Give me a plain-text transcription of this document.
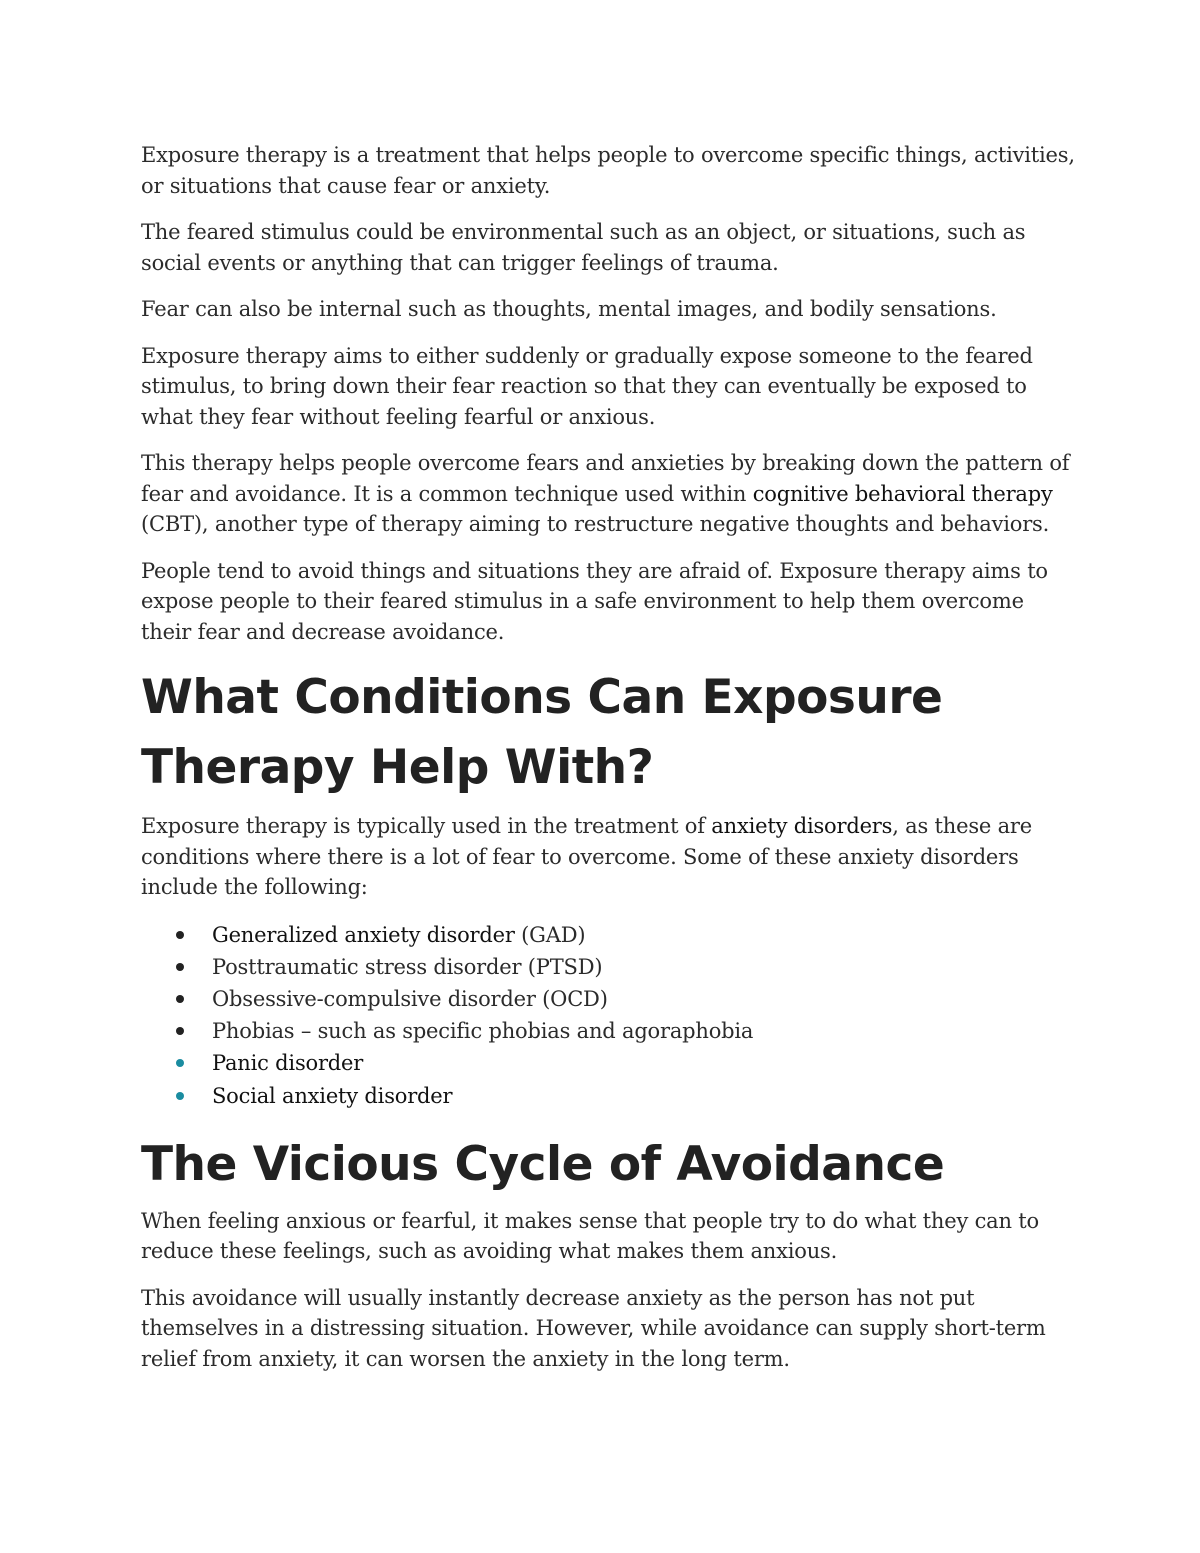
Exposure therapy is a treatment that helps people to overcome specific things, activities, or situations that cause fear or anxiety.

The feared stimulus could be environmental such as an object, or situations, such as social events or anything that can trigger feelings of trauma.

Fear can also be internal such as thoughts, mental images, and bodily sensations.

Exposure therapy aims to either suddenly or gradually expose someone to the feared stimulus, to bring down their fear reaction so that they can eventually be exposed to what they fear without feeling fearful or anxious.

This therapy helps people overcome fears and anxieties by breaking down the pattern of fear and avoidance. It is a common technique used within cognitive behavioral therapy (CBT), another type of therapy aiming to restructure negative thoughts and behaviors.

People tend to avoid things and situations they are afraid of. Exposure therapy aims to expose people to their feared stimulus in a safe environment to help them overcome their fear and decrease avoidance.

What Conditions Can Exposure Therapy Help With?

Exposure therapy is typically used in the treatment of anxiety disorders, as these are conditions where there is a lot of fear to overcome. Some of these anxiety disorders include the following:

Generalized anxiety disorder (GAD)
Posttraumatic stress disorder (PTSD)
Obsessive-compulsive disorder (OCD)
Phobias – such as specific phobias and agoraphobia
Panic disorder
Social anxiety disorder
The Vicious Cycle of Avoidance

When feeling anxious or fearful, it makes sense that people try to do what they can to reduce these feelings, such as avoiding what makes them anxious.

This avoidance will usually instantly decrease anxiety as the person has not put themselves in a distressing situation. However, while avoidance can supply short-term relief from anxiety, it can worsen the anxiety in the long term.
